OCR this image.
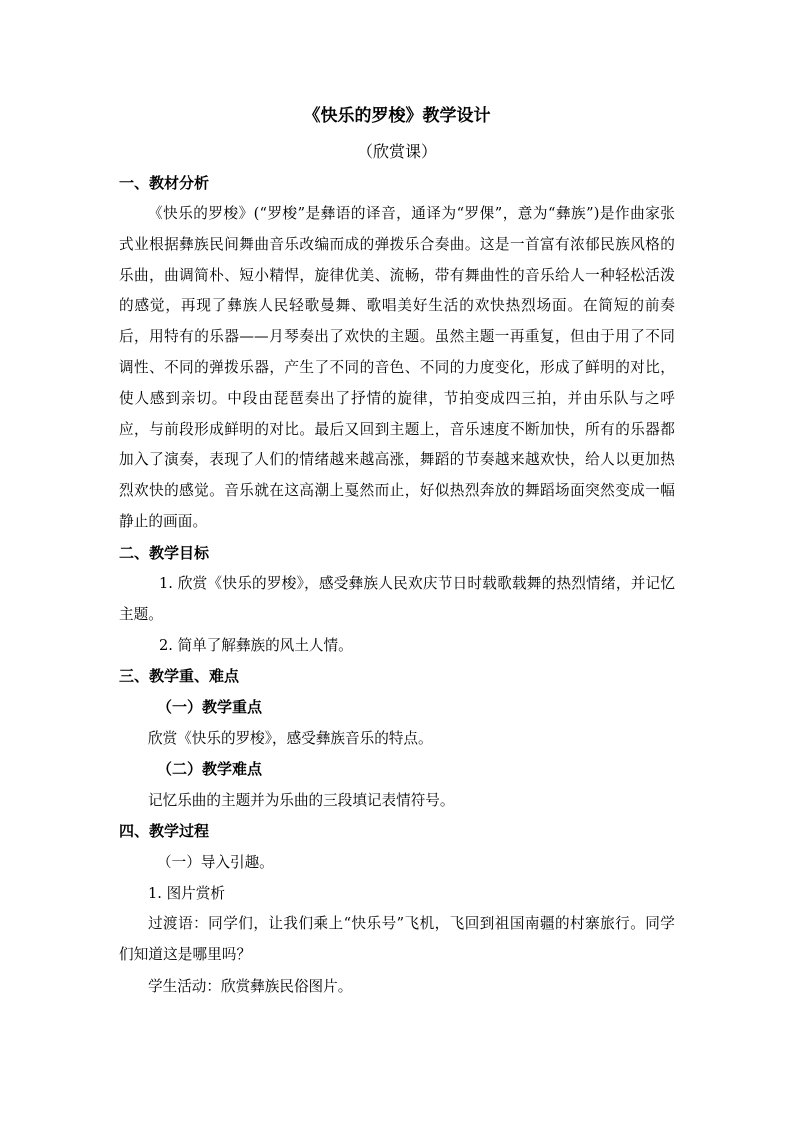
《快乐的罗梭》教学设计

（欣赏课）

一、教材分析

《快乐的罗梭》(“罗梭”是彝语的译音，通译为“罗倮”，意为“彝族”)是作曲家张式业根据彝族民间舞曲音乐改编而成的弹拨乐合奏曲。这是一首富有浓郁民族风格的乐曲，曲调简朴、短小精悍，旋律优美、流畅，带有舞曲性的音乐给人一种轻松活泼的感觉，再现了彝族人民轻歌曼舞、歌唱美好生活的欢快热烈场面。在简短的前奏后，用特有的乐器——月琴奏出了欢快的主题。虽然主题一再重复，但由于用了不同调性、不同的弹拨乐器，产生了不同的音色、不同的力度变化，形成了鲜明的对比，使人感到亲切。中段由琵琶奏出了抒情的旋律，节拍变成四三拍，并由乐队与之呼应，与前段形成鲜明的对比。最后又回到主题上，音乐速度不断加快，所有的乐器都加入了演奏，表现了人们的情绪越来越高涨，舞蹈的节奏越来越欢快，给人以更加热烈欢快的感觉。音乐就在这高潮上戛然而止，好似热烈奔放的舞蹈场面突然变成一幅静止的画面。

二、教学目标

1. 欣赏《快乐的罗梭》，感受彝族人民欢庆节日时载歌载舞的热烈情绪，并记忆主题。

2. 简单了解彝族的风土人情。

三、教学重、难点

（一）教学重点

欣赏《快乐的罗梭》，感受彝族音乐的特点。

（二）教学难点

记忆乐曲的主题并为乐曲的三段填记表情符号。

四、教学过程

（一）导入引趣。

1. 图片赏析

过渡语：同学们，让我们乘上“快乐号”飞机，飞回到祖国南疆的村寨旅行。同学们知道这是哪里吗？

学生活动：欣赏彝族民俗图片。
